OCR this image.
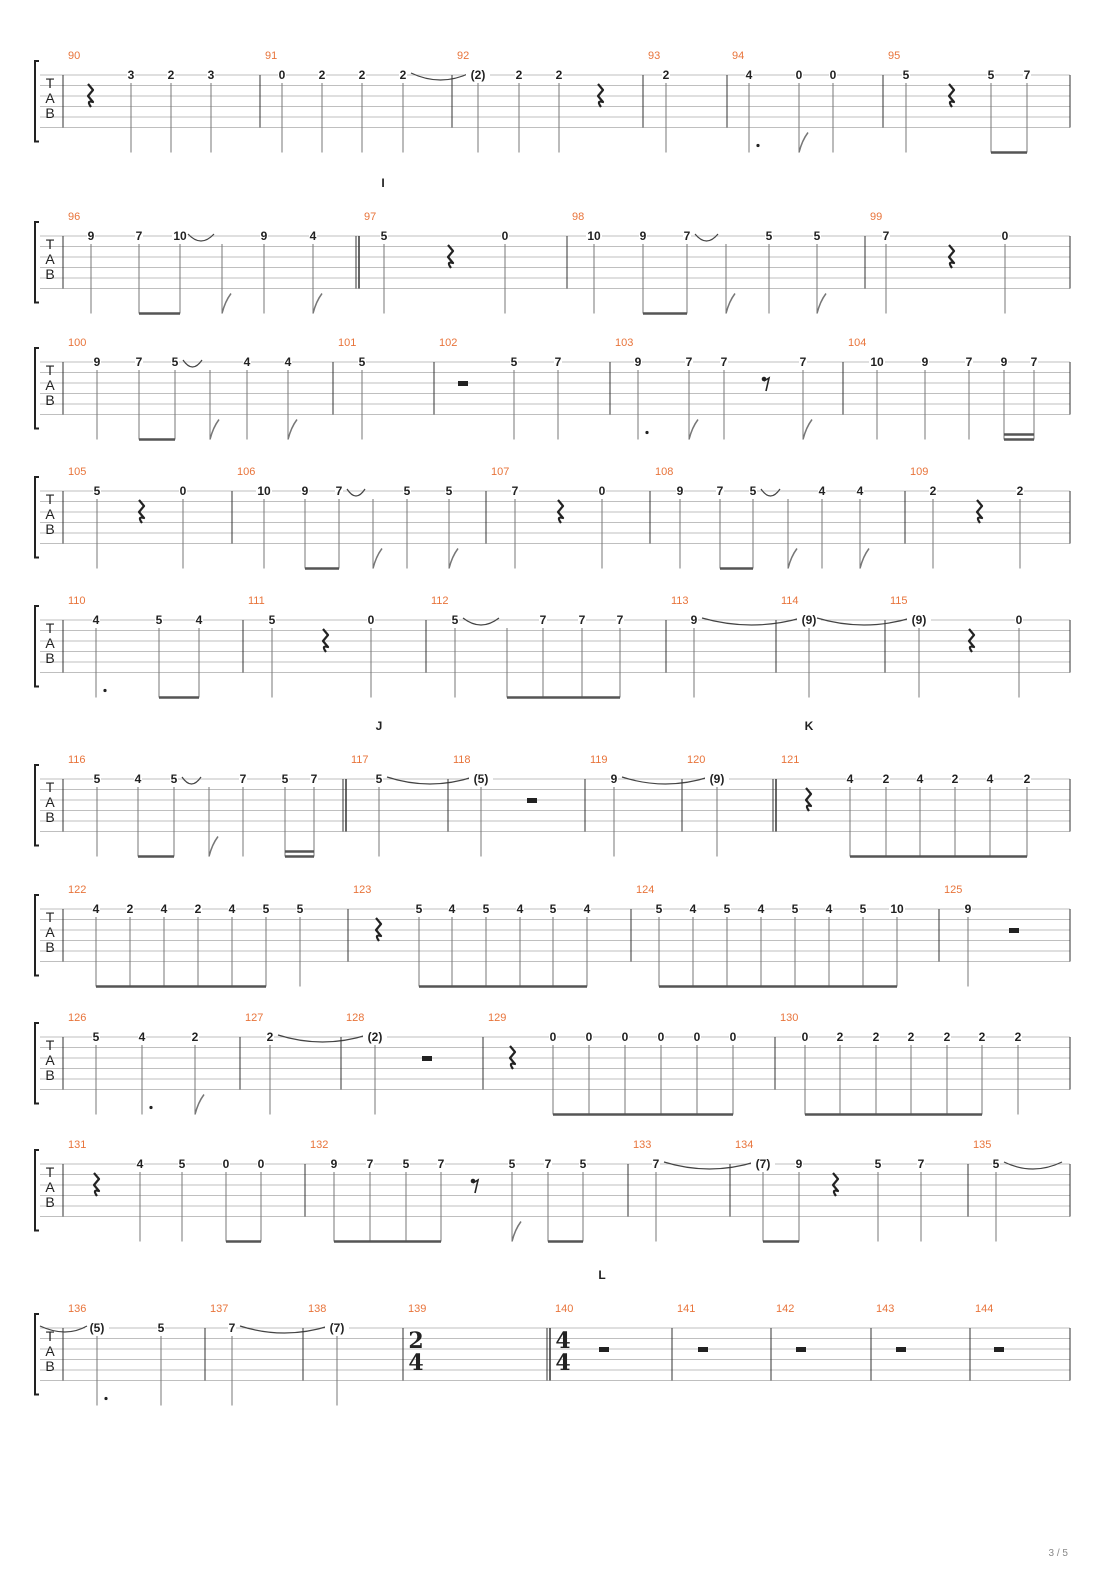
T
A
B
90
3	2	3
91
0	2	2	2
92
(2)	2	2
93
2
94
4	0 0
95
5	5 7
T
A
B
I
96
9	7	10	9	4
97
5	0
98
10	9	7	5	5
99
7	0
T
A
B
100
9	7 5	4	4
101
5
102
5	7
103
9	7 7	7
104
10	9	7 9 7
T
A
B
105
5	0
106
10	9 7	5	5
107
7	0
108
9	7 5	4	4
109
2	2
T
A
B
110
4	5	4
111
5	0
112
5	7	7	7
113
9
114
(9)
115
(9)	0
T
A
B
J	K
116
5	4 5	7	5 7
117
5
118
(5)
119
9
120
(9)
121
4 2 4 2 4	2
T
A
B
122
4 2 4 2 4 5 5
123
5 4 5 4 5 4
124
5 4 5 4 5 4 5 10
125
9
T
A
B
126
5	4	2
127
2
128
(2)
129
0 0 0 0 0 0
130
0 2 2 2 2 2 2
T
A
B
131
4	5	0 0
132
9 7 5 7	5 7 5
133
7
134
(7) 9	5	7
135
5
T
A
B
L
136
(5)	5
137
7
138
(7)
139
2
4
140
4
4
141	142	143	144
3 / 5
